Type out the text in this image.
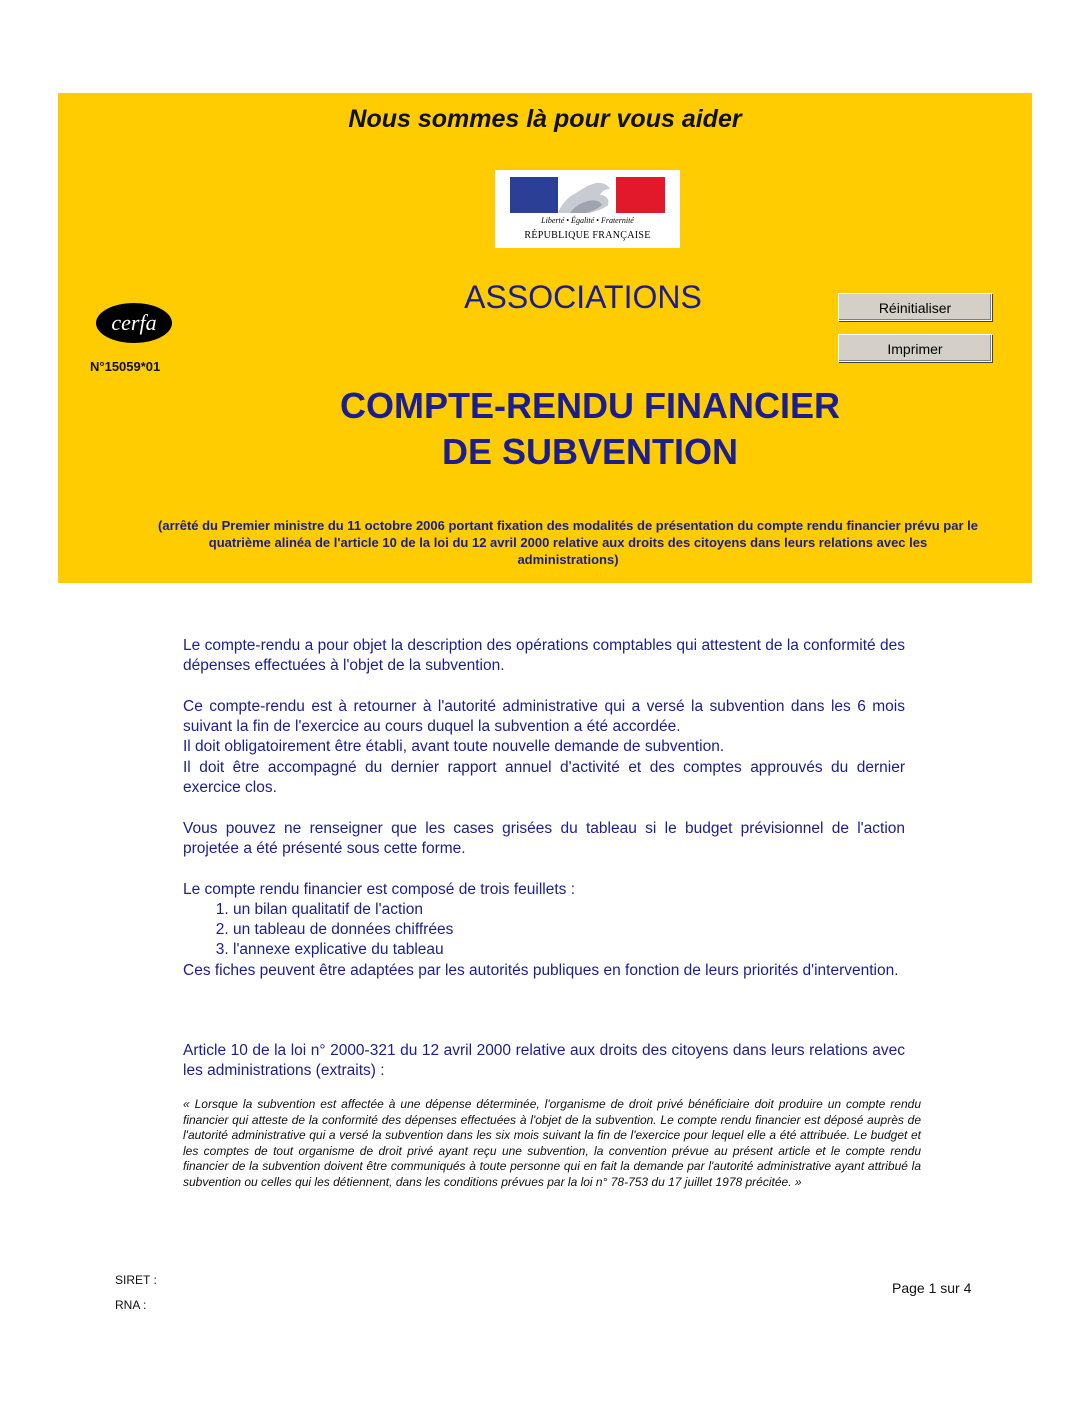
Nous sommes là pour vous aider
Liberté • Égalité • Fraternité
RÉPUBLIQUE FRANÇAISE
cerfa
N°15059*01
ASSOCIATIONS	Réinitialiser
Imprimer
COMPTE-RENDU FINANCIER
DE SUBVENTION
(arrêté du Premier ministre du 11 octobre 2006 portant fixation des modalités de présentation du compte rendu financier prévu par le quatrième alinéa de l'article 10 de la loi du 12 avril 2000 relative aux droits des citoyens dans leurs relations avec les administrations)

Le compte-rendu a pour objet la description des opérations comptables qui attestent de la conformité des dépenses effectuées à l'objet de la subvention.

Ce compte-rendu est à retourner à l'autorité administrative qui a versé la subvention dans les 6 mois suivant la fin de l'exercice au cours duquel la subvention a été accordée.
Il doit obligatoirement être établi, avant toute nouvelle demande de subvention.
Il doit être accompagné du dernier rapport annuel d'activité et des comptes approuvés du dernier exercice clos.

Vous pouvez ne renseigner que les cases grisées du tableau si le budget prévisionnel de l'action projetée a été présenté sous cette forme.

Le compte rendu financier est composé de trois feuillets :
1. un bilan qualitatif de l'action
2. un tableau de données chiffrées
3. l'annexe explicative du tableau
Ces fiches peuvent être adaptées par les autorités publiques en fonction de leurs priorités d'intervention.
Article 10 de la loi n° 2000-321 du 12 avril 2000 relative aux droits des citoyens dans leurs relations avec les administrations (extraits) :
« Lorsque la subvention est affectée à une dépense déterminée, l'organisme de droit privé bénéficiaire doit produire un compte rendu financier qui atteste de la conformité des dépenses effectuées à l'objet de la subvention. Le compte rendu financier est déposé auprès de l'autorité administrative qui a versé la subvention dans les six mois suivant la fin de l'exercice pour lequel elle a été attribuée. Le budget et les comptes de tout organisme de droit privé ayant reçu une subvention, la convention prévue au présent article et le compte rendu financier de la subvention doivent être communiqués à toute personne qui en fait la demande par l'autorité administrative ayant attribué la subvention ou celles qui les détiennent, dans les conditions prévues par la loi n° 78-753 du 17 juillet 1978 précitée. »
SIRET :
RNA :
Page 1 sur 4
